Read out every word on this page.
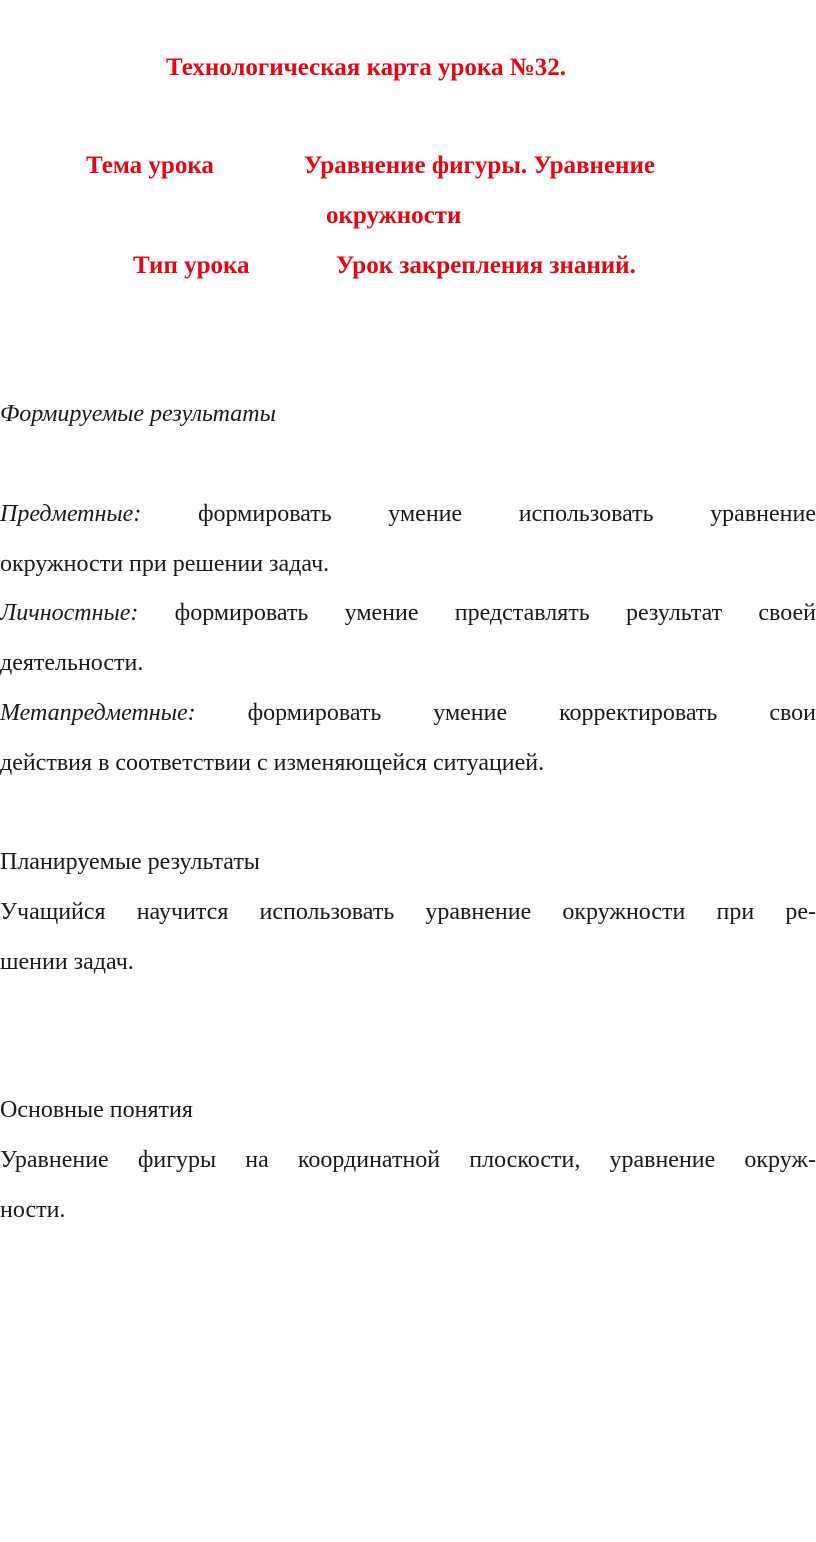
Технологическая карта урока №32.
Тема урока	Уравнение фигуры. Уравнение
окружности
Тип урока	Урок закрепления знаний.
Формируемые результаты
Предметные: формировать умение использовать уравнение
окружности при решении задач.
Личностные: формировать умение представлять результат своей
деятельности.
Метапредметные: формировать умение корректировать свои
действия в соответствии с изменяющейся ситуацией.
Планируемые результаты
Учащийся научится использовать уравнение окружности при ре-
шении задач.
Основные понятия
Уравнение фигуры на координатной плоскости, уравнение окруж-
ности.
